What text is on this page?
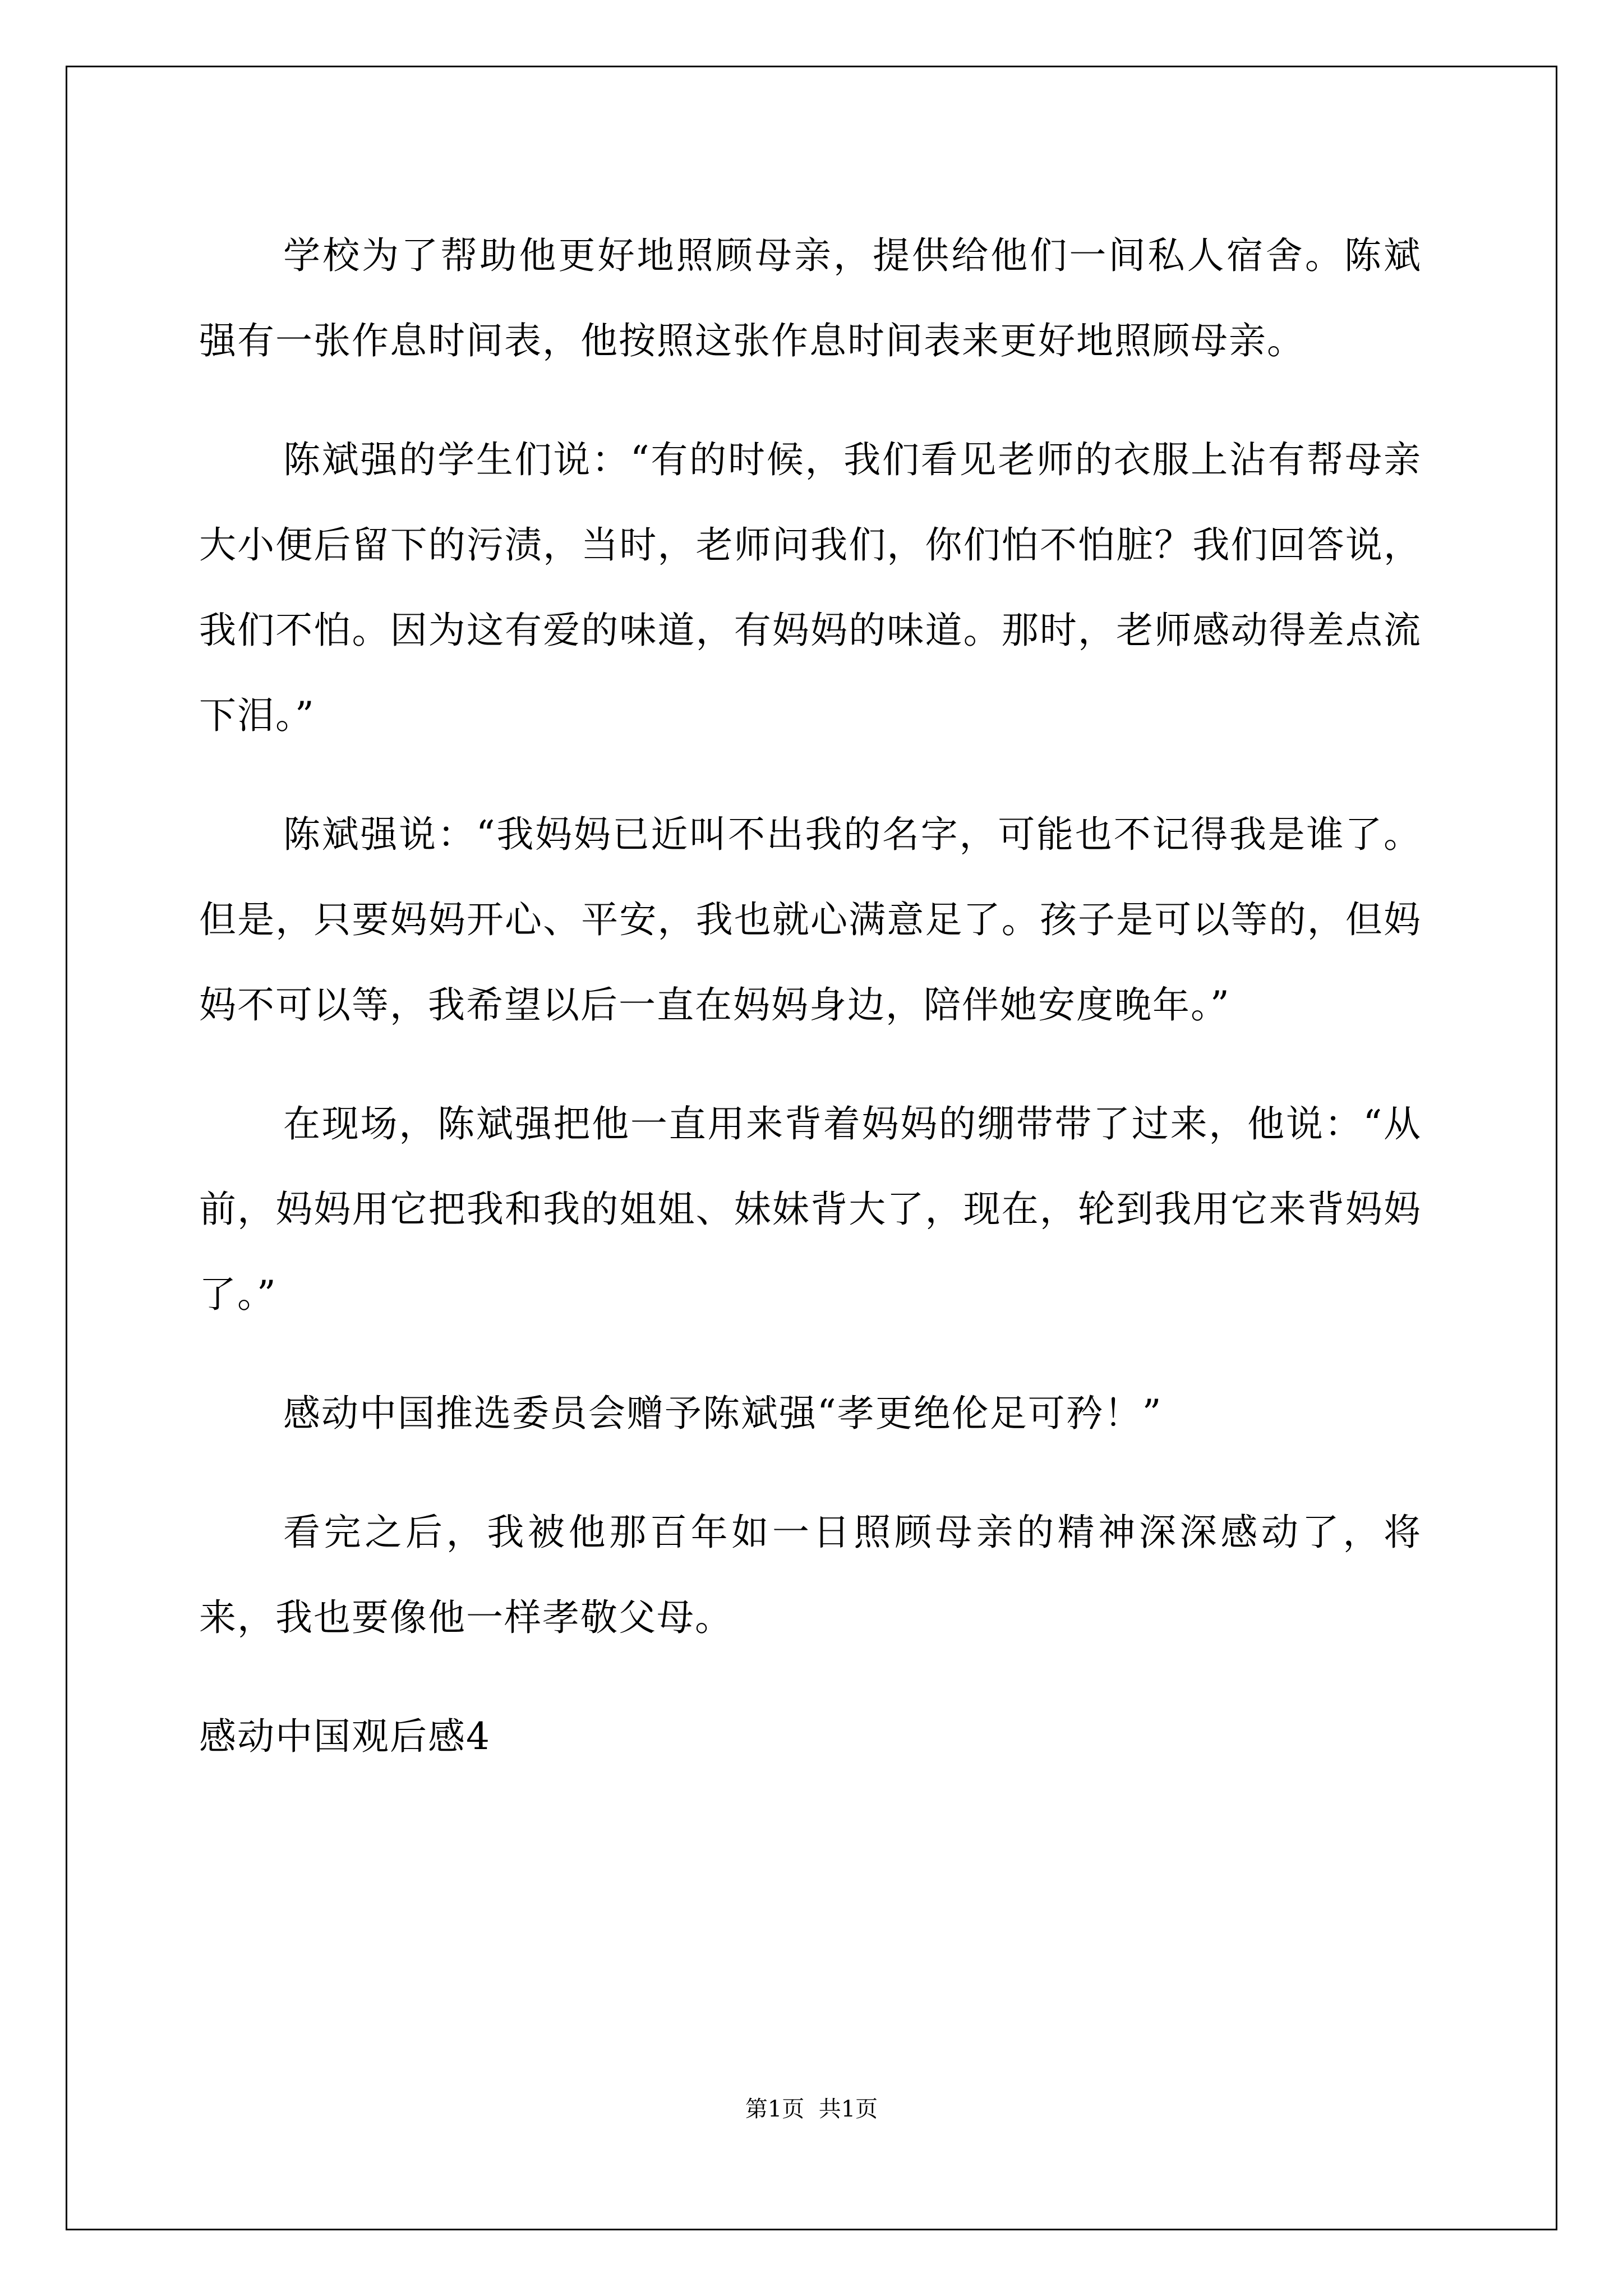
学校为了帮助他更好地照顾母亲，提供给他们一间私人宿舍。陈斌强有一张作息时间表，他按照这张作息时间表来更好地照顾母亲。

陈斌强的学生们说：“有的时候，我们看见老师的衣服上沾有帮母亲大小便后留下的污渍，当时，老师问我们，你们怕不怕脏？我们回答说，我们不怕。因为这有爱的味道，有妈妈的味道。那时，老师感动得差点流下泪。”

陈斌强说：“我妈妈已近叫不出我的名字，可能也不记得我是谁了。但是，只要妈妈开心、平安，我也就心满意足了。孩子是可以等的，但妈妈不可以等，我希望以后一直在妈妈身边，陪伴她安度晚年。”

在现场，陈斌强把他一直用来背着妈妈的绷带带了过来，他说：“从前，妈妈用它把我和我的姐姐、妹妹背大了，现在，轮到我用它来背妈妈了。”

感动中国推选委员会赠予陈斌强“孝更绝伦足可矜！”

看完之后，我被他那百年如一日照顾母亲的精神深深感动了，将来，我也要像他一样孝敬父母。

感动中国观后感4

第1页  共1页
